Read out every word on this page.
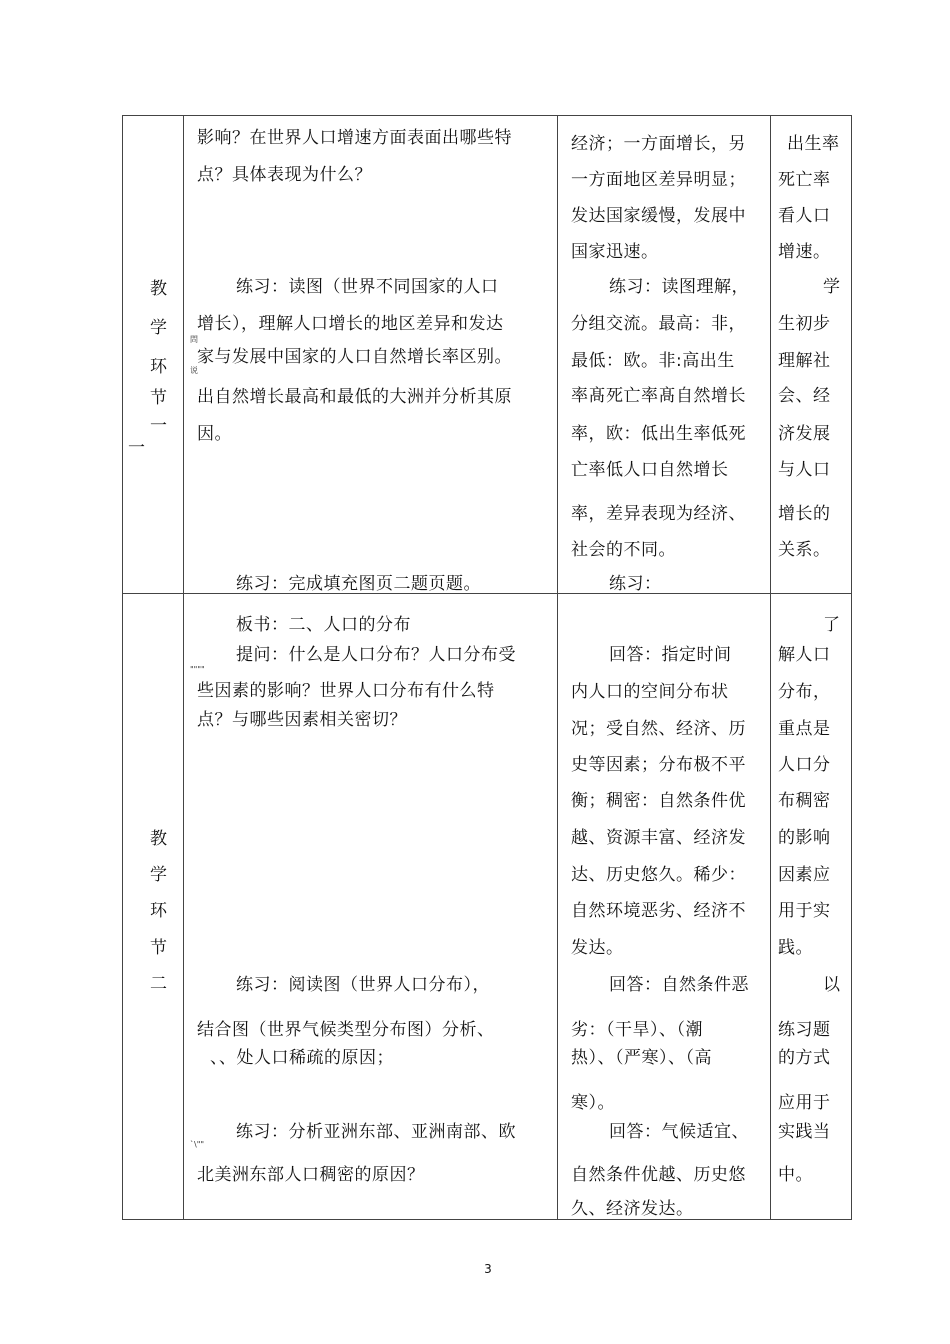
教
学
环
节
一
一
影响？在世界人口增速方面表面出哪些特
点？具体表现为什么？
练习：读图（世界不同国家的人口
增长），理解人口增长的地区差异和发达
家与发展中国家的人口自然增长率区别。
出自然增长最高和最低的大洲并分析其原
因。
练习：完成填充图页二题页题。
問
说
经济；一方面增长，另
一方面地区差异明显；
发达国家缓慢，发展中
国家迅速。
练习：读图理解，
分组交流。最高：非，
最低：欧。非:高出生
率髙死亡率髙自然增长
率，欧：低出生率低死
亡率低人口自然增长
率，差异表现为经济、
社会的不同。
练习：
出生率
死亡率
看人口
增速。
学
生初步
理解社
会、经
济发展
与人口
增长的
关系。
教
学
环
节
二
板书：二、人口的分布
提问：什么是人口分布？人口分布受
些因素的影响？世界人口分布有什么特
点？与哪些因素相关密切？
练习：阅读图（世界人口分布），
结合图（世界气候类型分布图）分析、
、、处人口稀疏的原因；
练习：分析亚洲东部、亚洲南部、欧
北美洲东部人口稠密的原因？
""""
`\""
回答：指定时间
内人口的空间分布状
况；受自然、经济、历
史等因素；分布极不平
衡；稠密：自然条件优
越、资源丰富、经济发
达、历史悠久。稀少：
自然环境恶劣、经济不
发达。
回答：自然条件恶
劣：（干旱）、（潮
热）、（严寒）、（高
寒）。
回答：气候适宜、
自然条件优越、历史悠
久、经济发达。
了
解人口
分布，
重点是
人口分
布稠密
的影响
因素应
用于实
践。
以
练习题
的方式
应用于
实践当
中。
3
